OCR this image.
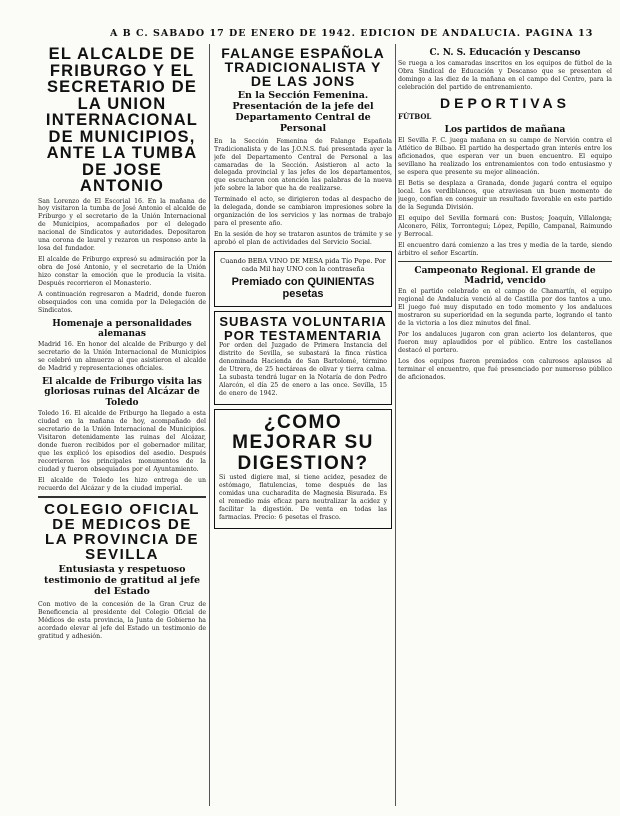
A B C. SABADO 17 DE ENERO DE 1942. EDICION DE ANDALUCIA. PAGINA 13
EL ALCALDE DE FRIBURGO Y EL SECRETARIO DE LA UNION INTERNACIONAL DE MUNICIPIOS, ANTE LA TUMBA DE JOSE ANTONIO

San Lorenzo de El Escorial 16. En la mañana de hoy visitaron la tumba de José Antonio el alcalde de Friburgo y el secretario de la Unión Internacional de Municipios, acompañados por el delegado nacional de Sindicatos y autoridades. Depositaron una corona de laurel y rezaron un responso ante la losa del fundador.

El alcalde de Friburgo expresó su admiración por la obra de José Antonio, y el secretario de la Unión hizo constar la emoción que le producía la visita. Después recorrieron el Monasterio.

A continuación regresaron a Madrid, donde fueron obsequiados con una comida por la Delegación de Sindicatos.

Homenaje a personalidades alemanas

Madrid 16. En honor del alcalde de Friburgo y del secretario de la Unión Internacional de Municipios se celebró un almuerzo al que asistieron el alcalde de Madrid y representaciones oficiales.

El alcalde de Friburgo visita las gloriosas ruinas del Alcázar de Toledo

Toledo 16. El alcalde de Friburgo ha llegado a esta ciudad en la mañana de hoy, acompañado del secretario de la Unión Internacional de Municipios. Visitaron detenidamente las ruinas del Alcázar, donde fueron recibidos por el gobernador militar, que les explicó los episodios del asedio. Después recorrieron los principales monumentos de la ciudad y fueron obsequiados por el Ayuntamiento.

El alcalde de Toledo les hizo entrega de un recuerdo del Alcázar y de la ciudad imperial.

COLEGIO OFICIAL DE MEDICOS DE LA PROVINCIA DE SEVILLA
Entusiasta y respetuoso testimonio de gratitud al jefe del Estado

Con motivo de la concesión de la Gran Cruz de Beneficencia al presidente del Colegio Oficial de Médicos de esta provincia, la Junta de Gobierno ha acordado elevar al jefe del Estado un testimonio de gratitud y adhesión.

FALANGE ESPAÑOLA TRADICIONALISTA Y DE LAS JONS
En la Sección Femenina. Presentación de la jefe del Departamento Central de Personal

En la Sección Femenina de Falange Española Tradicionalista y de las J.O.N.S. fué presentada ayer la jefe del Departamento Central de Personal a las camaradas de la Sección. Asistieron al acto la delegada provincial y las jefes de los departamentos, que escucharon con atención las palabras de la nueva jefe sobre la labor que ha de realizarse.

Terminado el acto, se dirigieron todas al despacho de la delegada, donde se cambiaron impresiones sobre la organización de los servicios y las normas de trabajo para el presente año.

En la sesión de hoy se trataron asuntos de trámite y se aprobó el plan de actividades del Servicio Social.

Cuando BEBA VINO DE MESA pida Tío Pepe. Por cada Mil hay UNO con la contraseña
Premiado con QUINIENTAS pesetas
SUBASTA VOLUNTARIA POR TESTAMENTARIA

Por orden del Juzgado de Primera Instancia del distrito de Sevilla, se subastará la finca rústica denominada Hacienda de San Bartolomé, término de Utrera, de 25 hectáreas de olivar y tierra calma. La subasta tendrá lugar en la Notaría de don Pedro Alarcón, el día 25 de enero a las once. Sevilla, 15 de enero de 1942.

¿COMO MEJORAR SU DIGESTION?

Si usted digiere mal, si tiene acidez, pesadez de estómago, flatulencias, tome después de las comidas una cucharadita de Magnesia Bisurada. Es el remedio más eficaz para neutralizar la acidez y facilitar la digestión. De venta en todas las farmacias. Precio: 6 pesetas el frasco.

C. N. S. Educación y Descanso

Se ruega a los camaradas inscritos en los equipos de fútbol de la Obra Sindical de Educación y Descanso que se presenten el domingo a las diez de la mañana en el campo del Centro, para la celebración del partido de entrenamiento.

DEPORTIVAS
FÚTBOL
Los partidos de mañana

El Sevilla F. C. juega mañana en su campo de Nervión contra el Atlético de Bilbao. El partido ha despertado gran interés entre los aficionados, que esperan ver un buen encuentro. El equipo sevillano ha realizado los entrenamientos con todo entusiasmo y se espera que presente su mejor alineación.

El Betis se desplaza a Granada, donde jugará contra el equipo local. Los verdiblancos, que atraviesan un buen momento de juego, confían en conseguir un resultado favorable en este partido de la Segunda División.

El equipo del Sevilla formará con: Bustos; Joaquín, Villalonga; Alconero, Félix, Torrontegui; López, Pepillo, Campanal, Raimundo y Berrocal.

El encuentro dará comienzo a las tres y media de la tarde, siendo árbitro el señor Escartín.

Campeonato Regional. El grande de Madrid, vencido

En el partido celebrado en el campo de Chamartín, el equipo regional de Andalucía venció al de Castilla por dos tantos a uno. El juego fué muy disputado en todo momento y los andaluces mostraron su superioridad en la segunda parte, logrando el tanto de la victoria a los diez minutos del final.

Por los andaluces jugaron con gran acierto los delanteros, que fueron muy aplaudidos por el público. Entre los castellanos destacó el portero.

Los dos equipos fueron premiados con calurosos aplausos al terminar el encuentro, que fué presenciado por numeroso público de aficionados.
